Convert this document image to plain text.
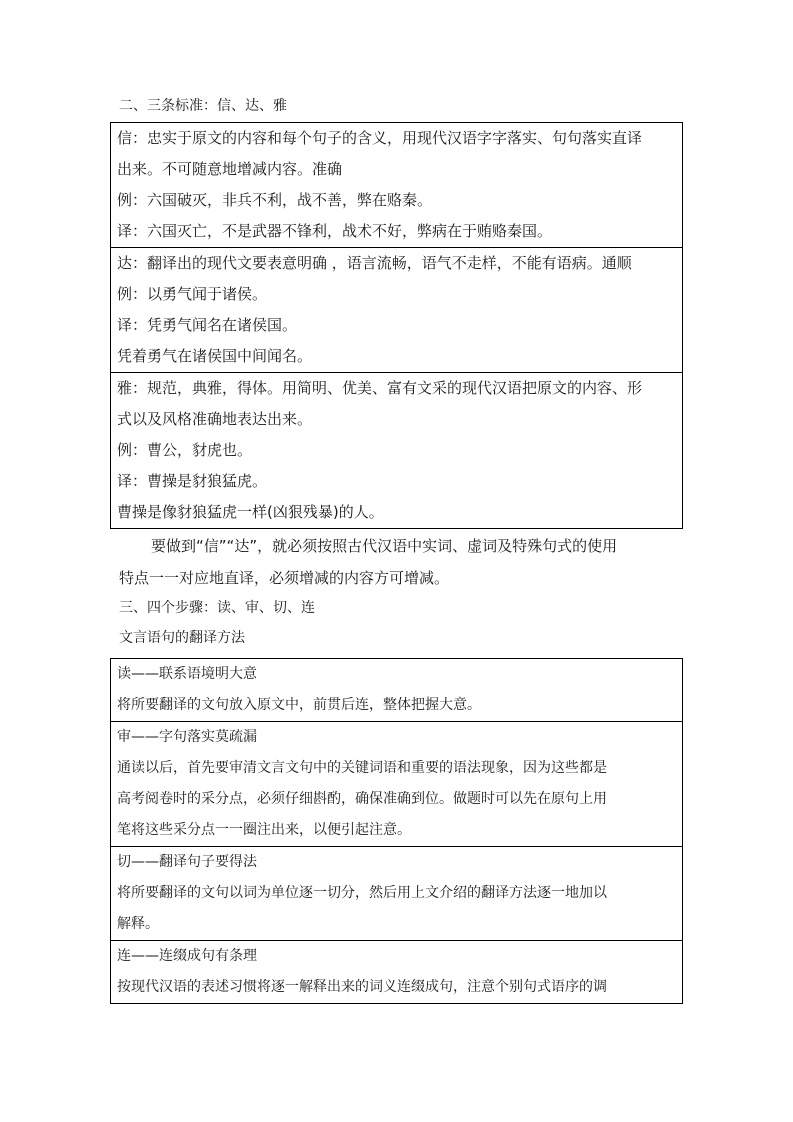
二、三条标准：信、达、雅
信：忠实于原文的内容和每个句子的含义，用现代汉语字字落实、句句落实直译
出来。不可随意地增减内容。准确
例：六国破灭，非兵不利，战不善，弊在赂秦。
译：六国灭亡，不是武器不锋利，战术不好，弊病在于贿赂秦国。
达：翻译出的现代文要表意明确 ，语言流畅，语气不走样，不能有语病。通顺
例：以勇气闻于诸侯。
译：凭勇气闻名在诸侯国。
凭着勇气在诸侯国中间闻名。
雅：规范，典雅，得体。用简明、优美、富有文采的现代汉语把原文的内容、形
式以及风格准确地表达出来。
例：曹公，豺虎也。
译：曹操是豺狼猛虎。
曹操是像豺狼猛虎一样(凶狠残暴)的人。
要做到“信”“达”，就必须按照古代汉语中实词、虚词及特殊句式的使用
特点一一对应地直译，必须增减的内容方可增减。
三、四个步骤：读、审、切、连
文言语句的翻译方法
读——联系语境明大意
将所要翻译的文句放入原文中，前贯后连，整体把握大意。
审——字句落实莫疏漏
通读以后，首先要审清文言文句中的关键词语和重要的语法现象，因为这些都是
高考阅卷时的采分点，必须仔细斟酌，确保准确到位。做题时可以先在原句上用
笔将这些采分点一一圈注出来，以便引起注意。
切——翻译句子要得法
将所要翻译的文句以词为单位逐一切分，然后用上文介绍的翻译方法逐一地加以
解释。
连——连缀成句有条理
按现代汉语的表述习惯将逐一解释出来的词义连缀成句，注意个别句式语序的调
